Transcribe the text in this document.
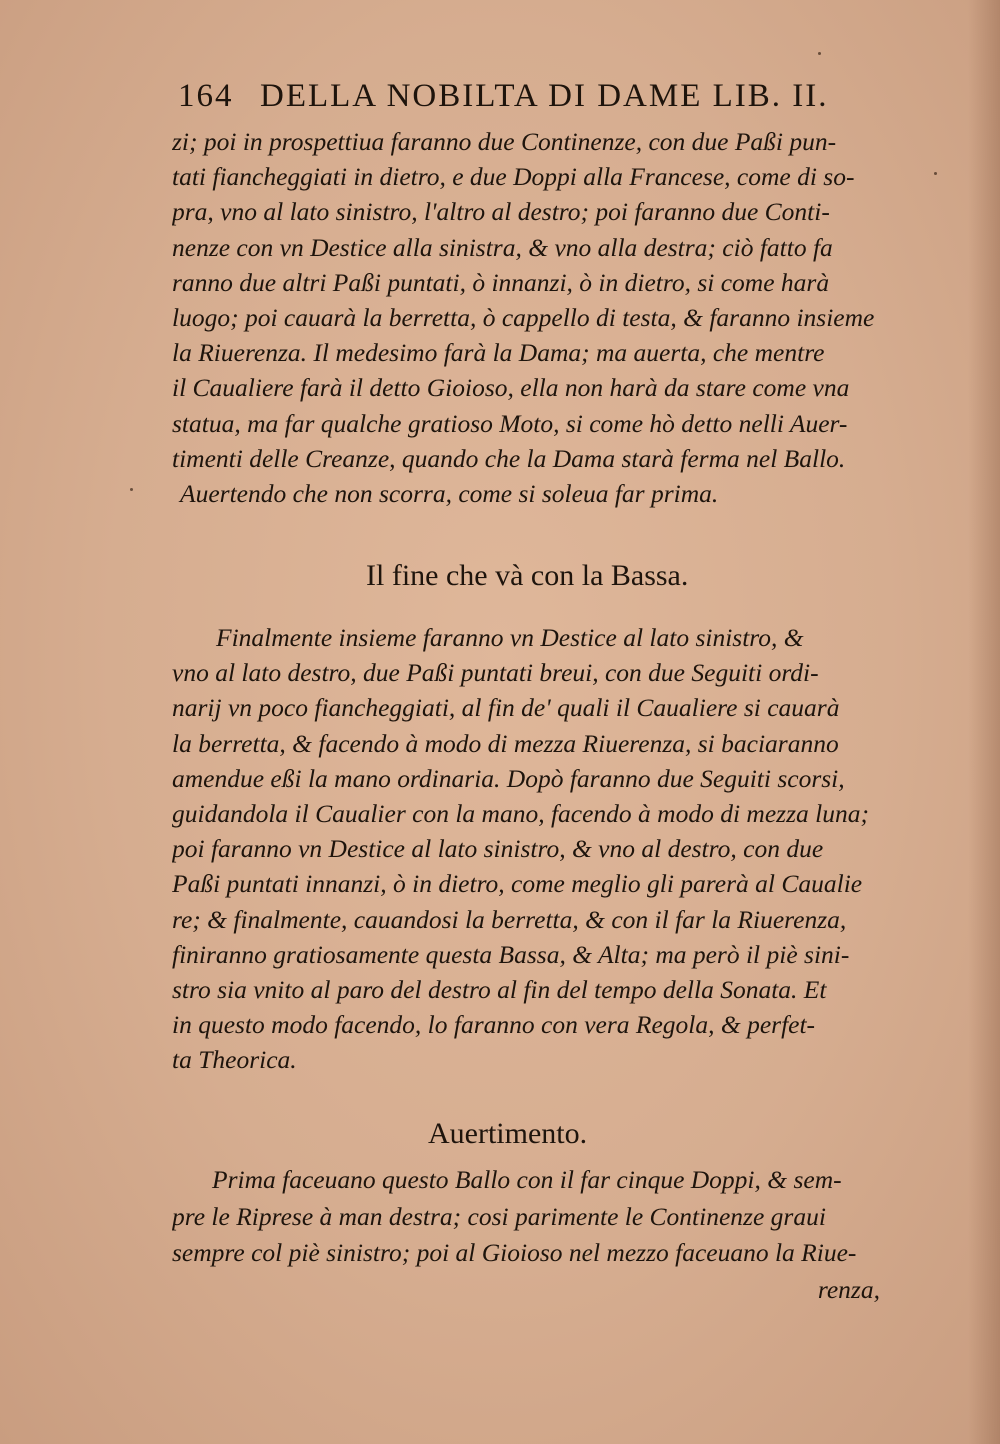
164 DELLA NOBILTA DI DAME LIB. II.
zi; poi in prospettiua faranno due Continenze, con due Paßi pun-
tati fiancheggiati in dietro, e due Doppi alla Francese, come di so-
pra, vno al lato sinistro, l'altro al destro; poi faranno due Conti-
nenze con vn Destice alla sinistra, & vno alla destra; ciò fatto fa
ranno due altri Paßi puntati, ò innanzi, ò in dietro, si come harà
luogo; poi cauarà la berretta, ò cappello di testa, & faranno insieme
la Riuerenza. Il medesimo farà la Dama; ma auerta, che mentre
il Caualiere farà il detto Gioioso, ella non harà da stare come vna
statua, ma far qualche gratioso Moto, si come hò detto nelli Auer-
timenti delle Creanze, quando che la Dama starà ferma nel Ballo.
Auertendo che non scorra, come si soleua far prima.
Il fine che và con la Bassa.
Finalmente insieme faranno vn Destice al lato sinistro, &
vno al lato destro, due Paßi puntati breui, con due Seguiti ordi-
narij vn poco fiancheggiati, al fin de' quali il Caualiere si cauarà
la berretta, & facendo à modo di mezza Riuerenza, si baciaranno
amendue eßi la mano ordinaria. Dopò faranno due Seguiti scorsi,
guidandola il Caualier con la mano, facendo à modo di mezza luna;
poi faranno vn Destice al lato sinistro, & vno al destro, con due
Paßi puntati innanzi, ò in dietro, come meglio gli parerà al Caualie
re; & finalmente, cauandosi la berretta, & con il far la Riuerenza,
finiranno gratiosamente questa Bassa, & Alta; ma però il piè sini-
stro sia vnito al paro del destro al fin del tempo della Sonata. Et
in questo modo facendo, lo faranno con vera Regola, & perfet-
ta Theorica.
Auertimento.
Prima faceuano questo Ballo con il far cinque Doppi, & sem-
pre le Riprese à man destra; cosi parimente le Continenze graui
sempre col piè sinistro; poi al Gioioso nel mezzo faceuano la Riue-
renza,
